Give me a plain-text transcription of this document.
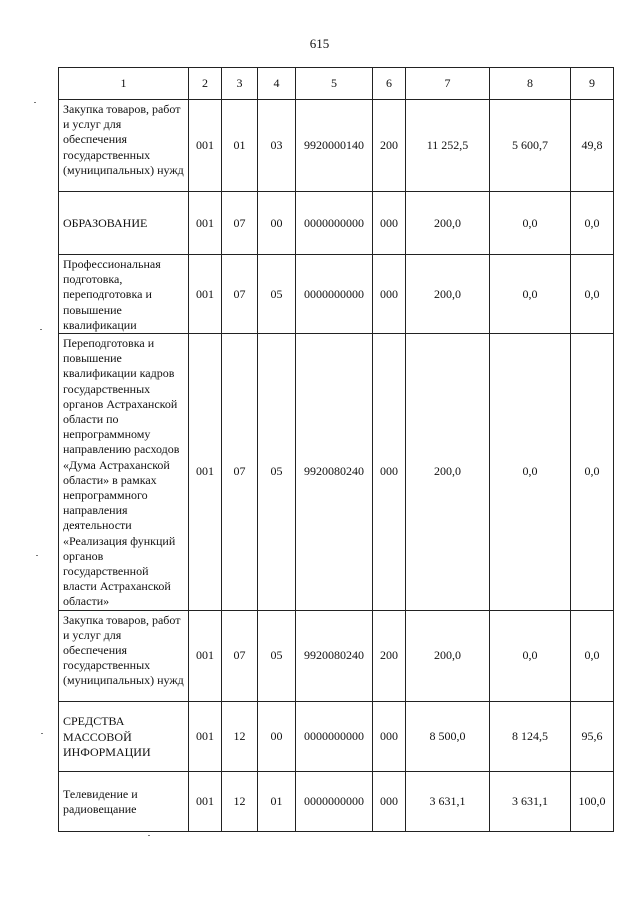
615
1	2	3	4	5	6	7	8	9
Закупка товаров, работ и услуг для обеспечения государственных (муниципальных) нужд	001	01	03	9920000140	200	11 252,5	5 600,7	49,8
ОБРАЗОВАНИЕ	001	07	00	0000000000	000	200,0	0,0	0,0
Профессиональная подготовка, переподготовка и повышение квалификации	001	07	05	0000000000	000	200,0	0,0	0,0
Переподготовка и повышение квалификации кадров государственных органов Астраханской области по непрограммному направлению расходов «Дума Астраханской области» в рамках непрограммного направления деятельности «Реализация функций органов государственной власти Астраханской области»	001	07	05	9920080240	000	200,0	0,0	0,0
Закупка товаров, работ и услуг для обеспечения государственных (муниципальных) нужд	001	07	05	9920080240	200	200,0	0,0	0,0
СРЕДСТВА МАССОВОЙ ИНФОРМАЦИИ	001	12	00	0000000000	000	8 500,0	8 124,5	95,6
Телевидение и радиовещание	001	12	01	0000000000	000	3 631,1	3 631,1	100,0
